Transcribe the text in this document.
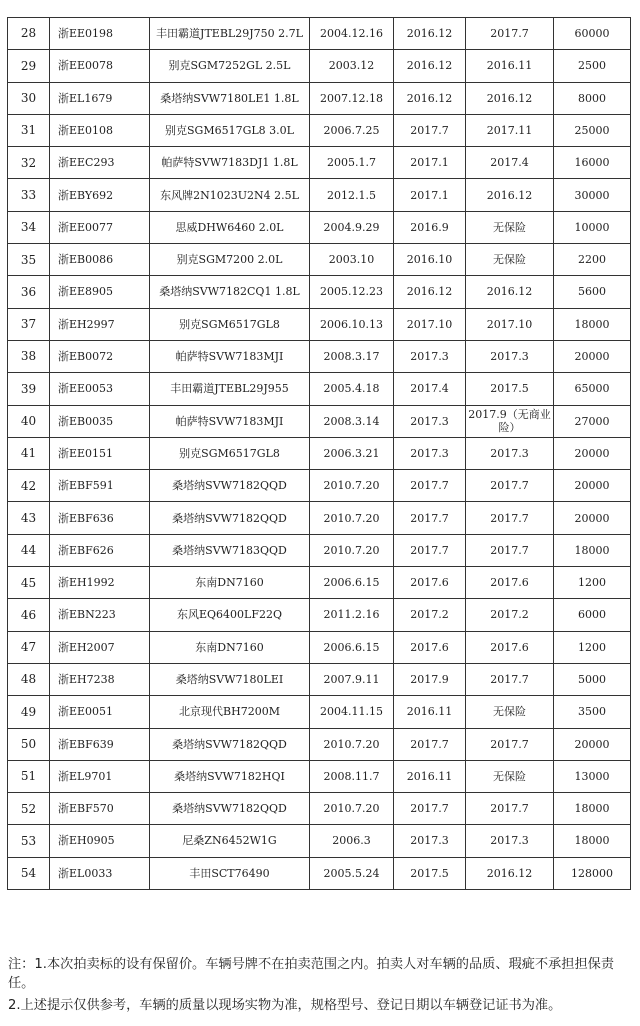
28	浙EE0198	丰田霸道JTEBL29J750 2.7L	2004.12.16	2016.12	2017.7	60000
29	浙EE0078	别克SGM7252GL 2.5L	2003.12	2016.12	2016.11	2500
30	浙EL1679	桑塔纳SVW7180LE1 1.8L	2007.12.18	2016.12	2016.12	8000
31	浙EE0108	别克SGM6517GL8 3.0L	2006.7.25	2017.7	2017.11	25000
32	浙EEC293	帕萨特SVW7183DJ1 1.8L	2005.1.7	2017.1	2017.4	16000
33	浙EBY692	东风牌2N1023U2N4 2.5L	2012.1.5	2017.1	2016.12	30000
34	浙EE0077	思威DHW6460 2.0L	2004.9.29	2016.9	无保险	10000
35	浙EB0086	别克SGM7200 2.0L	2003.10	2016.10	无保险	2200
36	浙EE8905	桑塔纳SVW7182CQ1 1.8L	2005.12.23	2016.12	2016.12	5600
37	浙EH2997	别克SGM6517GL8	2006.10.13	2017.10	2017.10	18000
38	浙EB0072	帕萨特SVW7183MJI	2008.3.17	2017.3	2017.3	20000
39	浙EE0053	丰田霸道JTEBL29J955	2005.4.18	2017.4	2017.5	65000
40	浙EB0035	帕萨特SVW7183MJI	2008.3.14	2017.3	2017.9（无商业险）	27000
41	浙EE0151	别克SGM6517GL8	2006.3.21	2017.3	2017.3	20000
42	浙EBF591	桑塔纳SVW7182QQD	2010.7.20	2017.7	2017.7	20000
43	浙EBF636	桑塔纳SVW7182QQD	2010.7.20	2017.7	2017.7	20000
44	浙EBF626	桑塔纳SVW7183QQD	2010.7.20	2017.7	2017.7	18000
45	浙EH1992	东南DN7160	2006.6.15	2017.6	2017.6	1200
46	浙EBN223	东风EQ6400LF22Q	2011.2.16	2017.2	2017.2	6000
47	浙EH2007	东南DN7160	2006.6.15	2017.6	2017.6	1200
48	浙EH7238	桑塔纳SVW7180LEI	2007.9.11	2017.9	2017.7	5000
49	浙EE0051	北京现代BH7200M	2004.11.15	2016.11	无保险	3500
50	浙EBF639	桑塔纳SVW7182QQD	2010.7.20	2017.7	2017.7	20000
51	浙EL9701	桑塔纳SVW7182HQI	2008.11.7	2016.11	无保险	13000
52	浙EBF570	桑塔纳SVW7182QQD	2010.7.20	2017.7	2017.7	18000
53	浙EH0905	尼桑ZN6452W1G	2006.3	2017.3	2017.3	18000
54	浙EL0033	丰田SCT76490	2005.5.24	2017.5	2016.12	128000

注：1.本次拍卖标的设有保留价。车辆号牌不在拍卖范围之内。拍卖人对车辆的品质、瑕疵不承担担保责任。

2.上述提示仅供参考，车辆的质量以现场实物为准，规格型号、登记日期以车辆登记证书为准。
